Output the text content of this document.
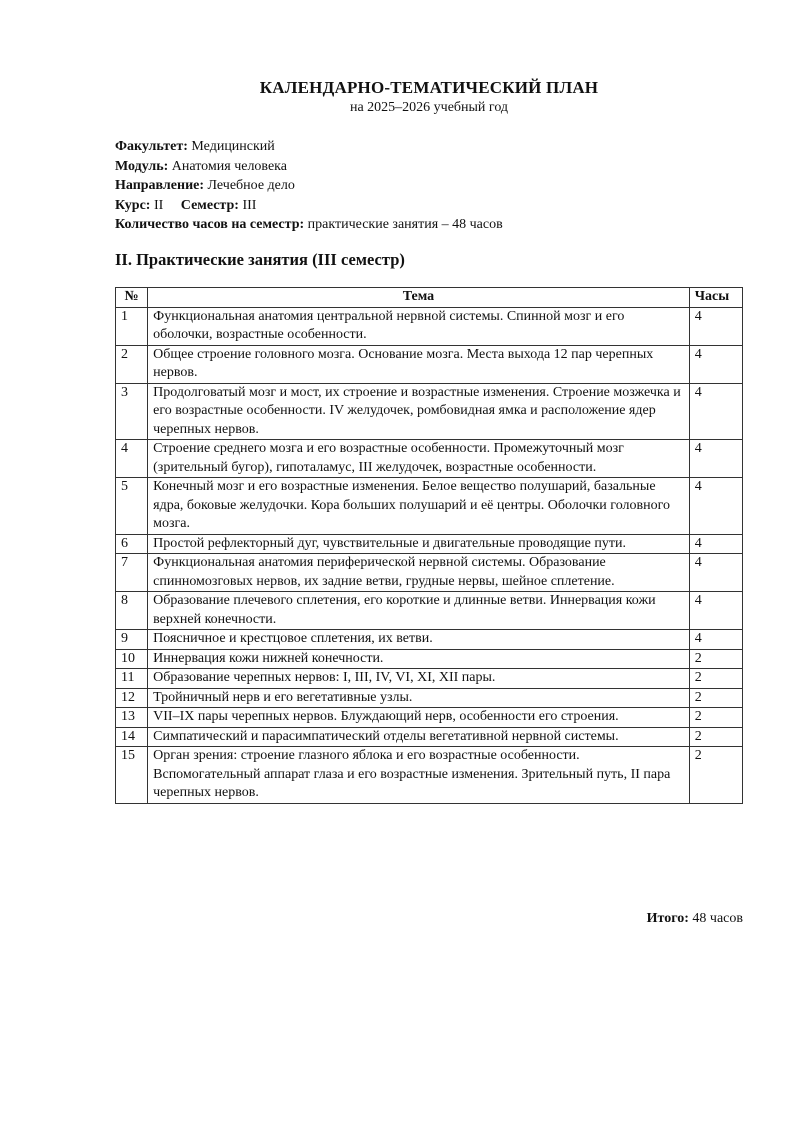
КАЛЕНДАРНО-ТЕМАТИЧЕСКИЙ ПЛАН
на 2025–2026 учебный год
Факультет: Медицинский
Модуль: Анатомия человека
Направление: Лечебное дело
Курс: II Семестр: III
Количество часов на семестр: практические занятия – 48 часов
II. Практические занятия (III семестр)
№	Тема	Часы
1	Функциональная анатомия центральной нервной системы. Спинной мозг и его оболочки, возрастные особенности.	4
2	Общее строение головного мозга. Основание мозга. Места выхода 12 пар черепных нервов.	4
3	Продолговатый мозг и мост, их строение и возрастные изменения. Строение мозжечка и его возрастные особенности. IV желудочек, ромбовидная ямка и расположение ядер черепных нервов.	4
4	Строение среднего мозга и его возрастные особенности. Промежуточный мозг (зрительный бугор), гипоталамус, III желудочек, возрастные особенности.	4
5	Конечный мозг и его возрастные изменения. Белое вещество полушарий, базальные ядра, боковые желудочки. Кора больших полушарий и её центры. Оболочки головного мозга.	4
6	Простой рефлекторный дуг, чувствительные и двигательные проводящие пути.	4
7	Функциональная анатомия периферической нервной системы. Образование спинномозговых нервов, их задние ветви, грудные нервы, шейное сплетение.	4
8	Образование плечевого сплетения, его короткие и длинные ветви. Иннервация кожи верхней конечности.	4
9	Поясничное и крестцовое сплетения, их ветви.	4
10	Иннервация кожи нижней конечности.	2
11	Образование черепных нервов: I, III, IV, VI, XI, XII пары.	2
12	Тройничный нерв и его вегетативные узлы.	2
13	VII–IX пары черепных нервов. Блуждающий нерв, особенности его строения.	2
14	Симпатический и парасимпатический отделы вегетативной нервной системы.	2
15	Орган зрения: строение глазного яблока и его возрастные особенности. Вспомогательный аппарат глаза и его возрастные изменения. Зрительный путь, II пара черепных нервов.	2
Итого: 48 часов
